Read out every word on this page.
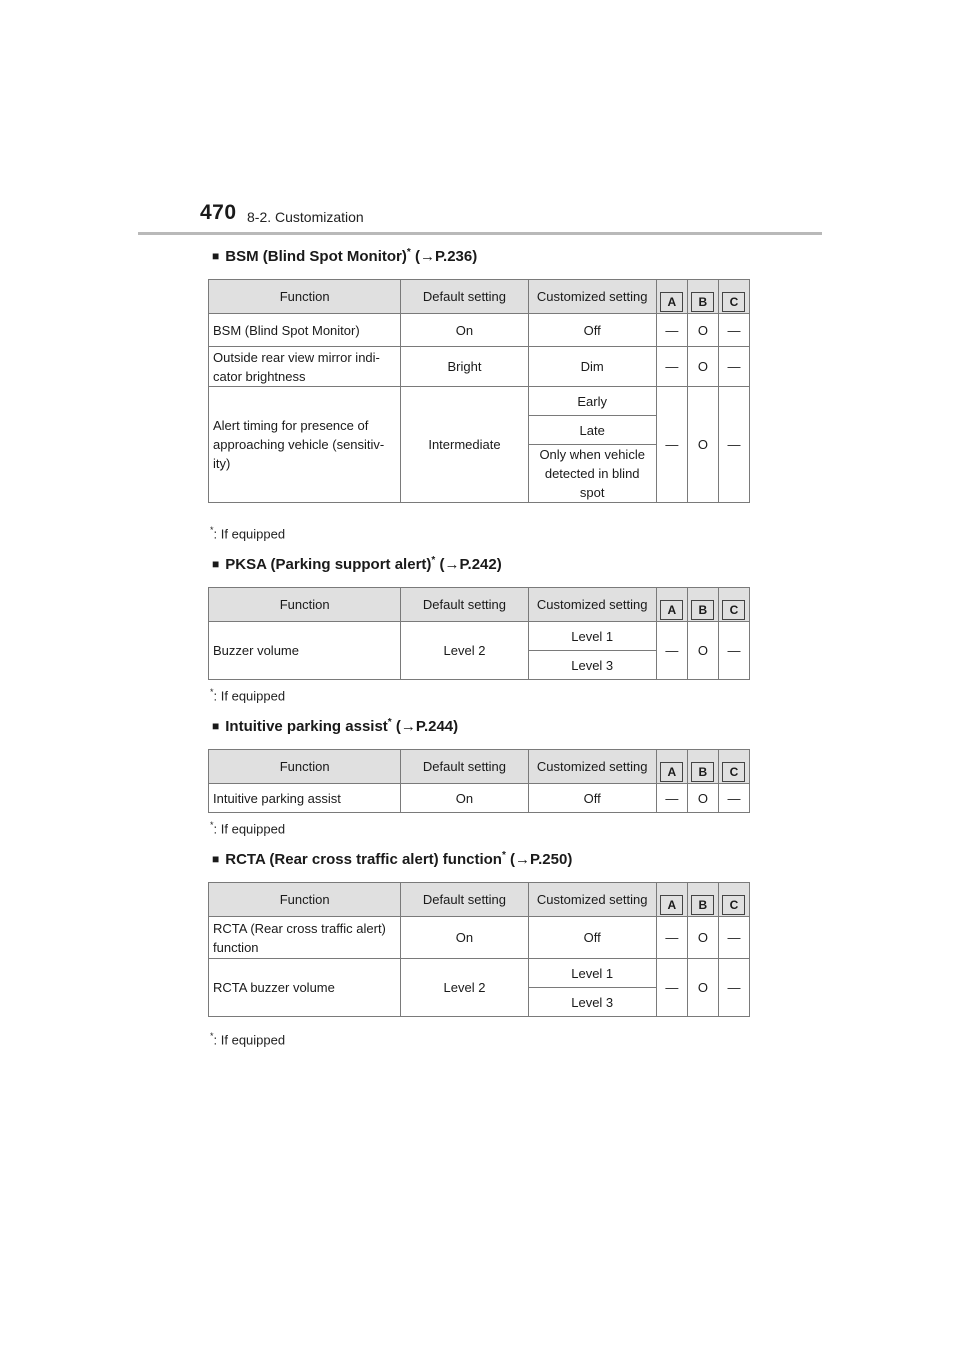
470 8-2. Customization
■ BSM (Blind Spot Monitor)* (→P.236)
Function	Default setting	Customized setting	A	B	C
BSM (Blind Spot Monitor)	On	Off	—	O	—
Outside rear view mirror indi-
cator brightness	Bright	Dim	—	O	—
Alert timing for presence of
approaching vehicle (sensitiv-
ity)	Intermediate	Early	—	O	—
		Late			
		Only when vehicle
detected in blind
spot			
*: If equipped
■ PKSA (Parking support alert)* (→P.242)
Function	Default setting	Customized setting	A	B	C
Buzzer volume	Level 2	Level 1	—	O	—
		Level 3			
*: If equipped
■ Intuitive parking assist* (→P.244)
Function	Default setting	Customized setting	A	B	C
Intuitive parking assist	On	Off	—	O	—
*: If equipped
■ RCTA (Rear cross traffic alert) function* (→P.250)
Function	Default setting	Customized setting	A	B	C
RCTA (Rear cross traffic alert)
function	On	Off	—	O	—
RCTA buzzer volume	Level 2	Level 1	—	O	—
		Level 3			
*: If equipped
